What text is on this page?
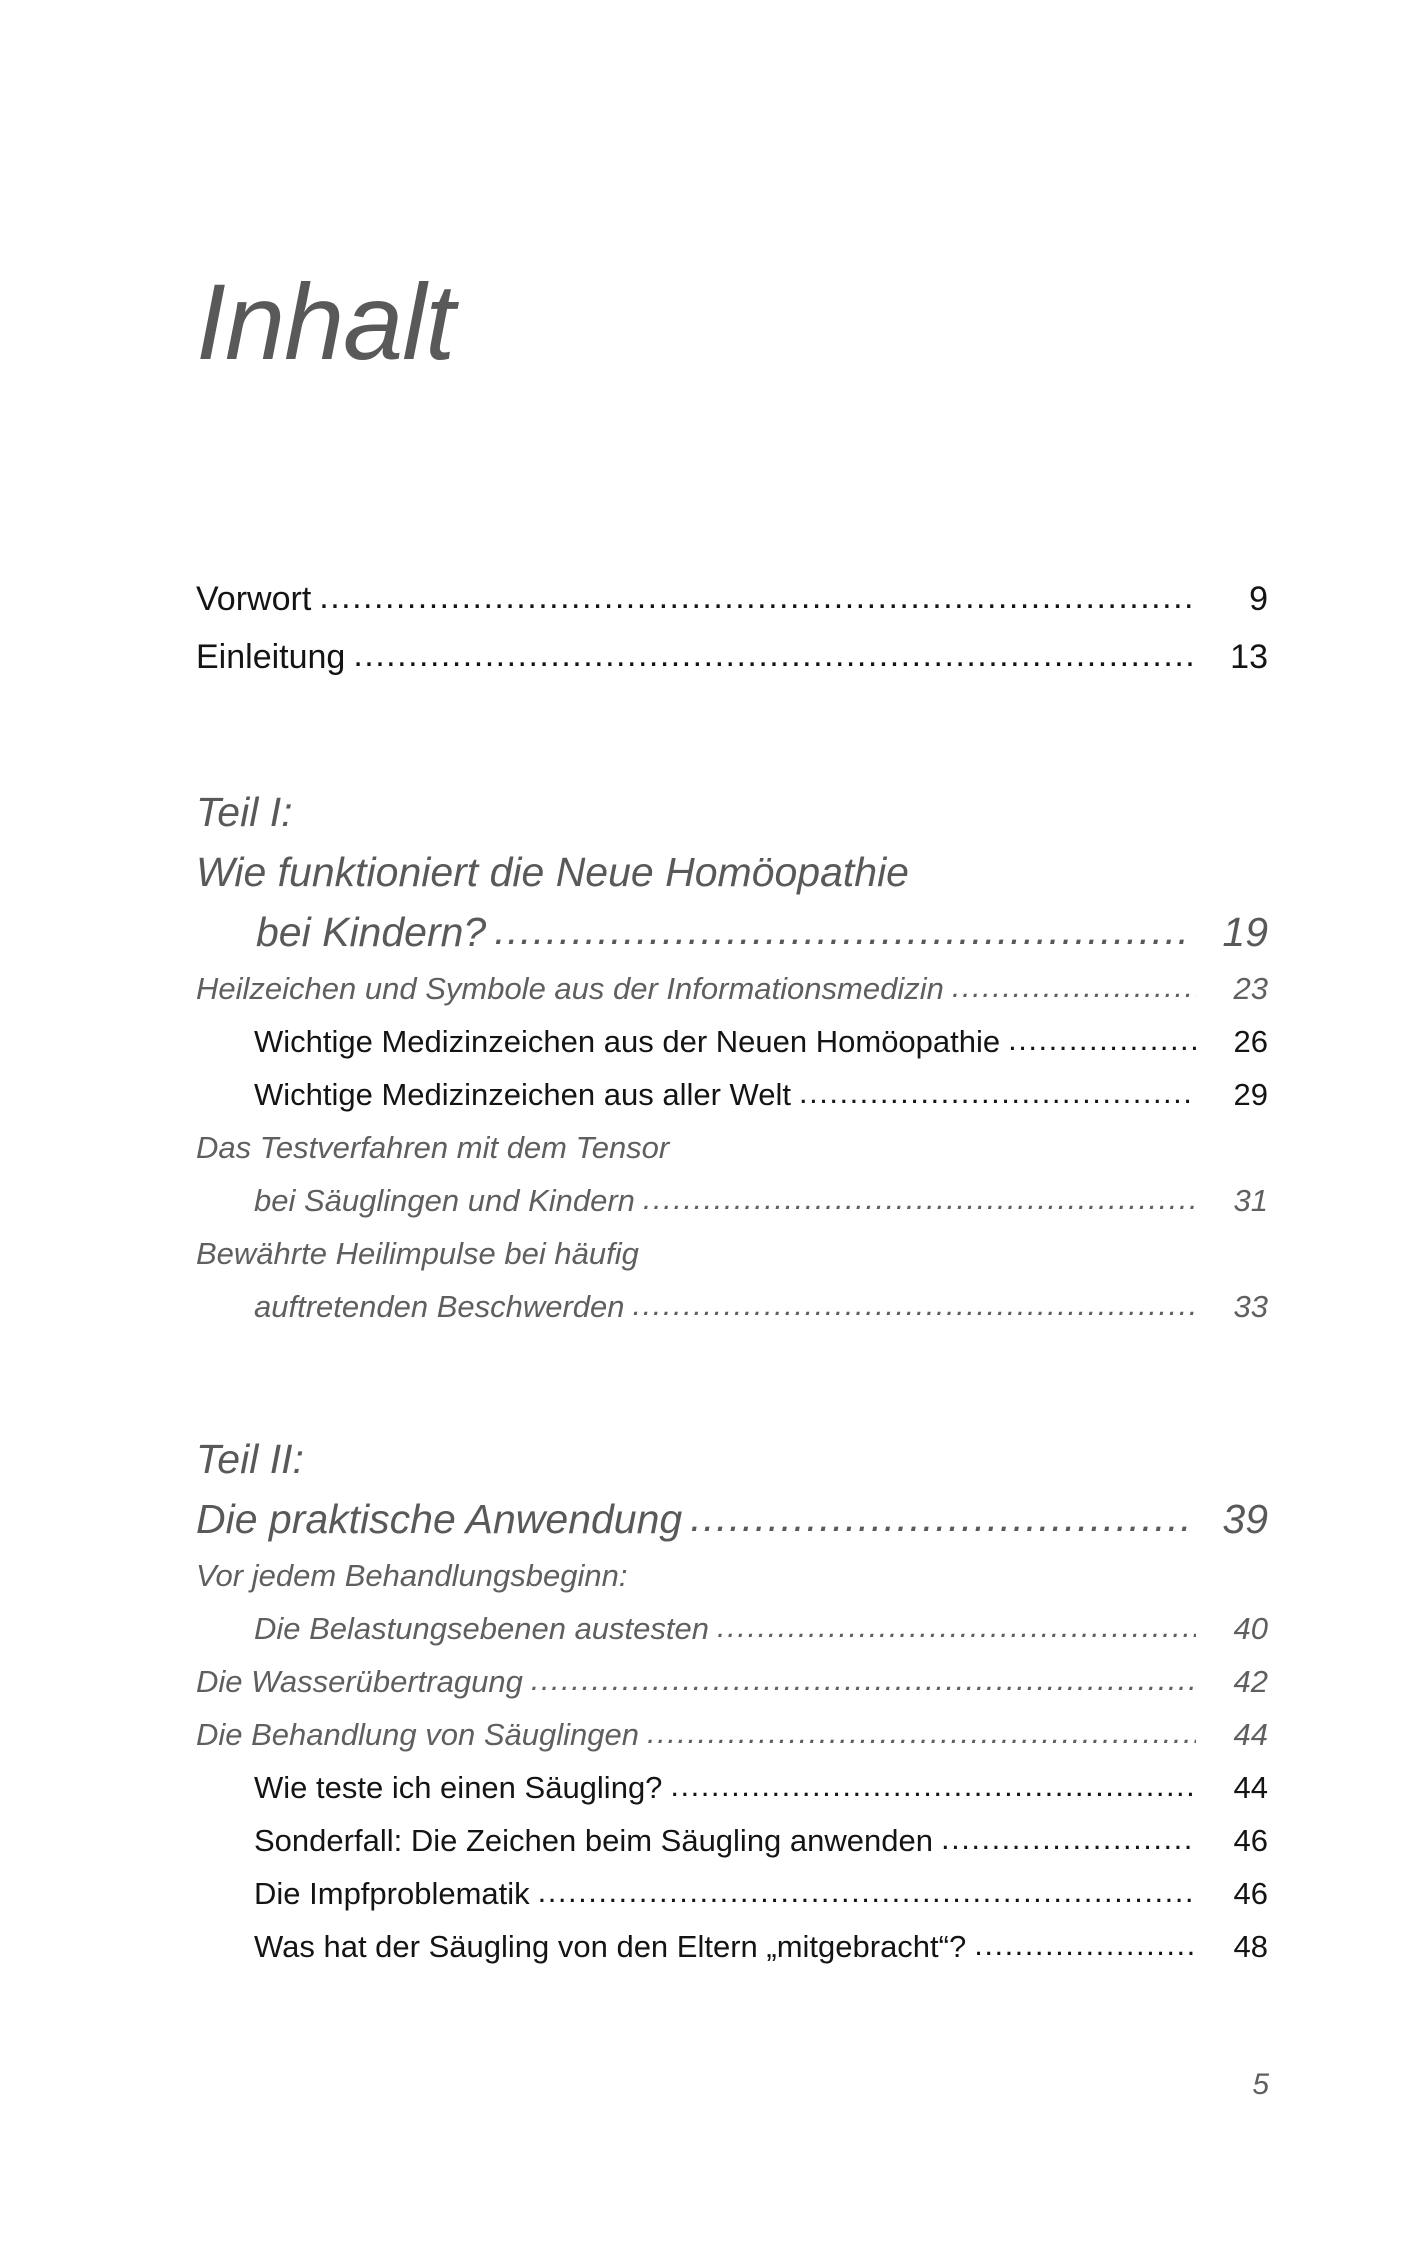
Inhalt
Vorwort .....	9
Einleitung .....	13
Teil I:
Wie funktioniert die Neue Homöopathie
bei Kindern? .....	19
Heilzeichen und Symbole aus der Informationsmedizin .....	23
Wichtige Medizinzeichen aus der Neuen Homöopathie .....	26
Wichtige Medizinzeichen aus aller Welt .....	29
Das Testverfahren mit dem Tensor
bei Säuglingen und Kindern .....	31
Bewährte Heilimpulse bei häufig
auftretenden Beschwerden .....	33
Teil II:
Die praktische Anwendung .....	39
Vor jedem Behandlungsbeginn:
Die Belastungsebenen austesten .....	40
Die Wasserübertragung .....	42
Die Behandlung von Säuglingen .....	44
Wie teste ich einen Säugling? .....	44
Sonderfall: Die Zeichen beim Säugling anwenden .....	46
Die Impfproblematik .....	46
Was hat der Säugling von den Eltern „mitgebracht“? .....	48
5
